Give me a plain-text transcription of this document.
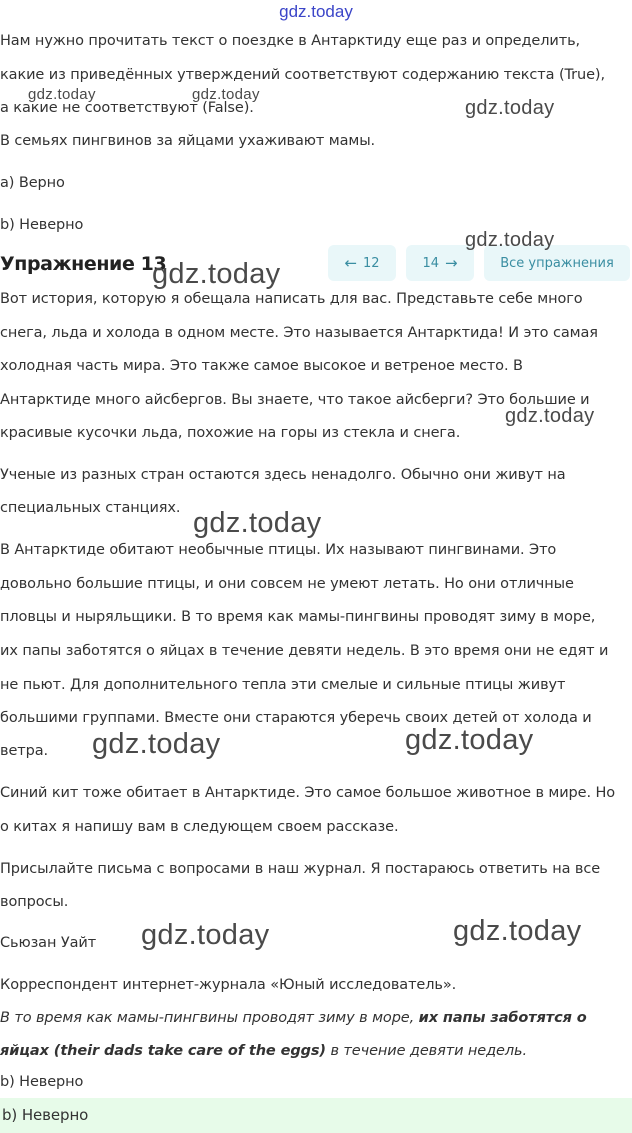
gdz.today
Нам нужно прочитать текст о поездке в Антарктиду еще раз и определить,
какие из приведённых утверждений соответствуют содержанию текста (True),
а какие не соответствуют (False).
В семьях пингвинов за яйцами ухаживают мамы.
a) Верно
b) Неверно
Упражнение 13	← 12	14 →	Все упражнения
Вот история, которую я обещала написать для вас. Представьте себе много
снега, льда и холода в одном месте. Это называется Антарктида! И это самая
холодная часть мира. Это также самое высокое и ветреное место. В
Антарктиде много айсбергов. Вы знаете, что такое айсберги? Это большие и
красивые кусочки льда, похожие на горы из стекла и снега.
Ученые из разных стран остаются здесь ненадолго. Обычно они живут на
специальных станциях.
В Антарктиде обитают необычные птицы. Их называют пингвинами. Это
довольно большие птицы, и они совсем не умеют летать. Но они отличные
пловцы и ныряльщики. В то время как мамы-пингвины проводят зиму в море,
их папы заботятся о яйцах в течение девяти недель. В это время они не едят и
не пьют. Для дополнительного тепла эти смелые и сильные птицы живут
большими группами. Вместе они стараются уберечь своих детей от холода и
ветра.
Синий кит тоже обитает в Антарктиде. Это самое большое животное в мире. Но
о китах я напишу вам в следующем своем рассказе.
Присылайте письма с вопросами в наш журнал. Я постараюсь ответить на все
вопросы.
Сьюзан Уайт
Корреспондент интернет-журнала «Юный исследователь».
В то время как мамы-пингвины проводят зиму в море, их папы заботятся о
яйцах (their dads take care of the eggs) в течение девяти недель.
b) Неверно
b) Неверно
gdz.today	gdz.today
gdz.today
gdz.today
gdz.today
gdz.today
gdz.today
gdz.today	gdz.today
gdz.today	gdz.today
